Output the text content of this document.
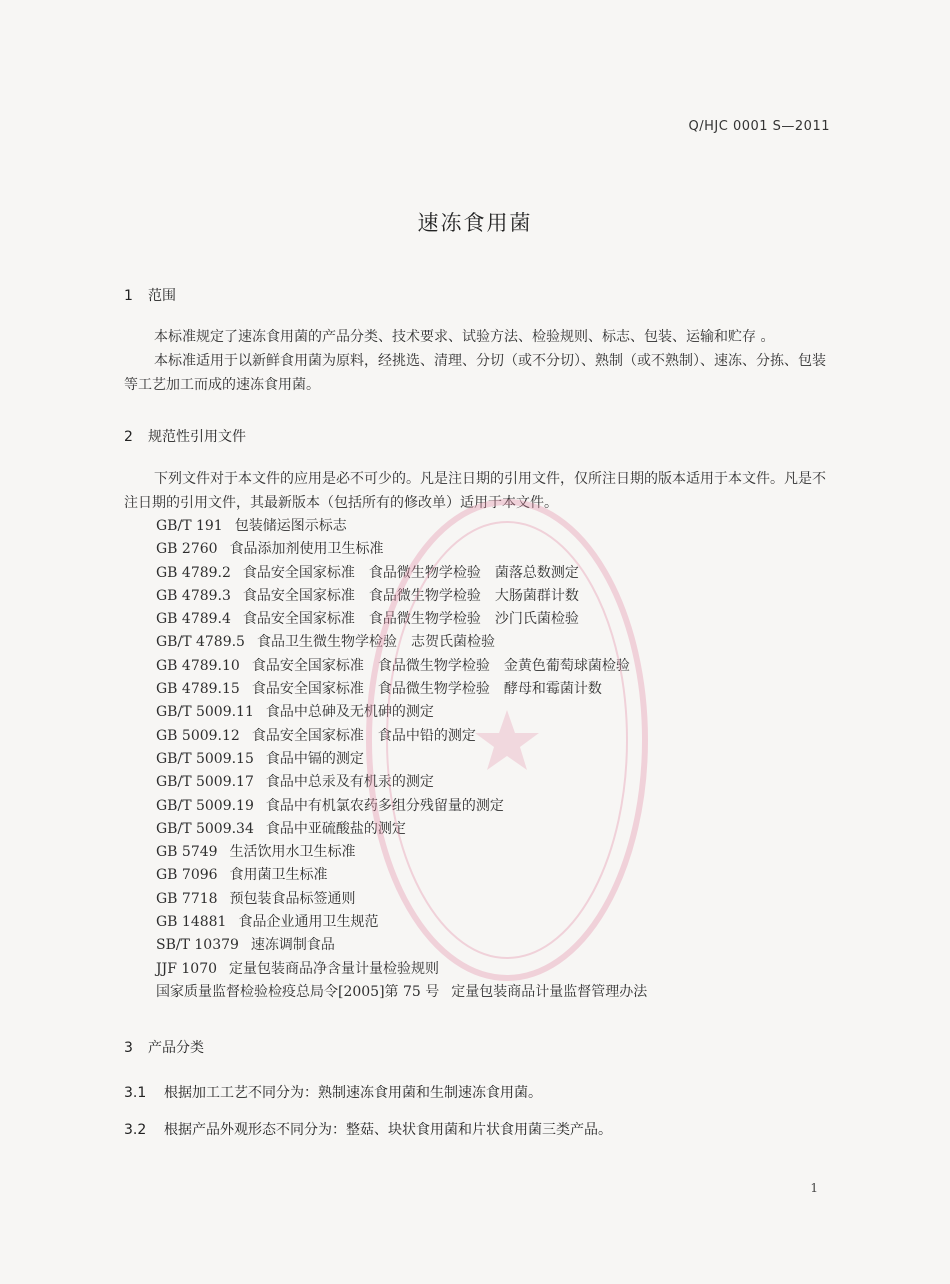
Q/HJC 0001 S—2011
速冻食用菌
1 范围
本标准规定了速冻食用菌的产品分类、技术要求、试验方法、检验规则、标志、包装、运输和贮存 。
本标准适用于以新鲜食用菌为原料，经挑选、清理、分切（或不分切）、熟制（或不熟制）、速冻、分拣、包装等工艺加工而成的速冻食用菌。
2 规范性引用文件
下列文件对于本文件的应用是必不可少的。凡是注日期的引用文件，仅所注日期的版本适用于本文件。凡是不注日期的引用文件，其最新版本（包括所有的修改单）适用于本文件。
GB/T 191 包装储运图示标志
GB 2760 食品添加剂使用卫生标准
GB 4789.2 食品安全国家标准　食品微生物学检验　菌落总数测定
GB 4789.3 食品安全国家标准　食品微生物学检验　大肠菌群计数
GB 4789.4 食品安全国家标准　食品微生物学检验　沙门氏菌检验
GB/T 4789.5 食品卫生微生物学检验　志贺氏菌检验
GB 4789.10 食品安全国家标准　食品微生物学检验　金黄色葡萄球菌检验
GB 4789.15 食品安全国家标准　食品微生物学检验　酵母和霉菌计数
GB/T 5009.11 食品中总砷及无机砷的测定
GB 5009.12 食品安全国家标准　食品中铅的测定
GB/T 5009.15 食品中镉的测定
GB/T 5009.17 食品中总汞及有机汞的测定
GB/T 5009.19 食品中有机氯农药多组分残留量的测定
GB/T 5009.34 食品中亚硫酸盐的测定
GB 5749 生活饮用水卫生标准
GB 7096 食用菌卫生标准
GB 7718 预包装食品标签通则
GB 14881 食品企业通用卫生规范
SB/T 10379 速冻调制食品
JJF 1070 定量包装商品净含量计量检验规则
国家质量监督检验检疫总局令[2005]第 75 号 定量包装商品计量监督管理办法
3 产品分类
3.1 根据加工工艺不同分为：熟制速冻食用菌和生制速冻食用菌。
3.2 根据产品外观形态不同分为：整菇、块状食用菌和片状食用菌三类产品。
1
